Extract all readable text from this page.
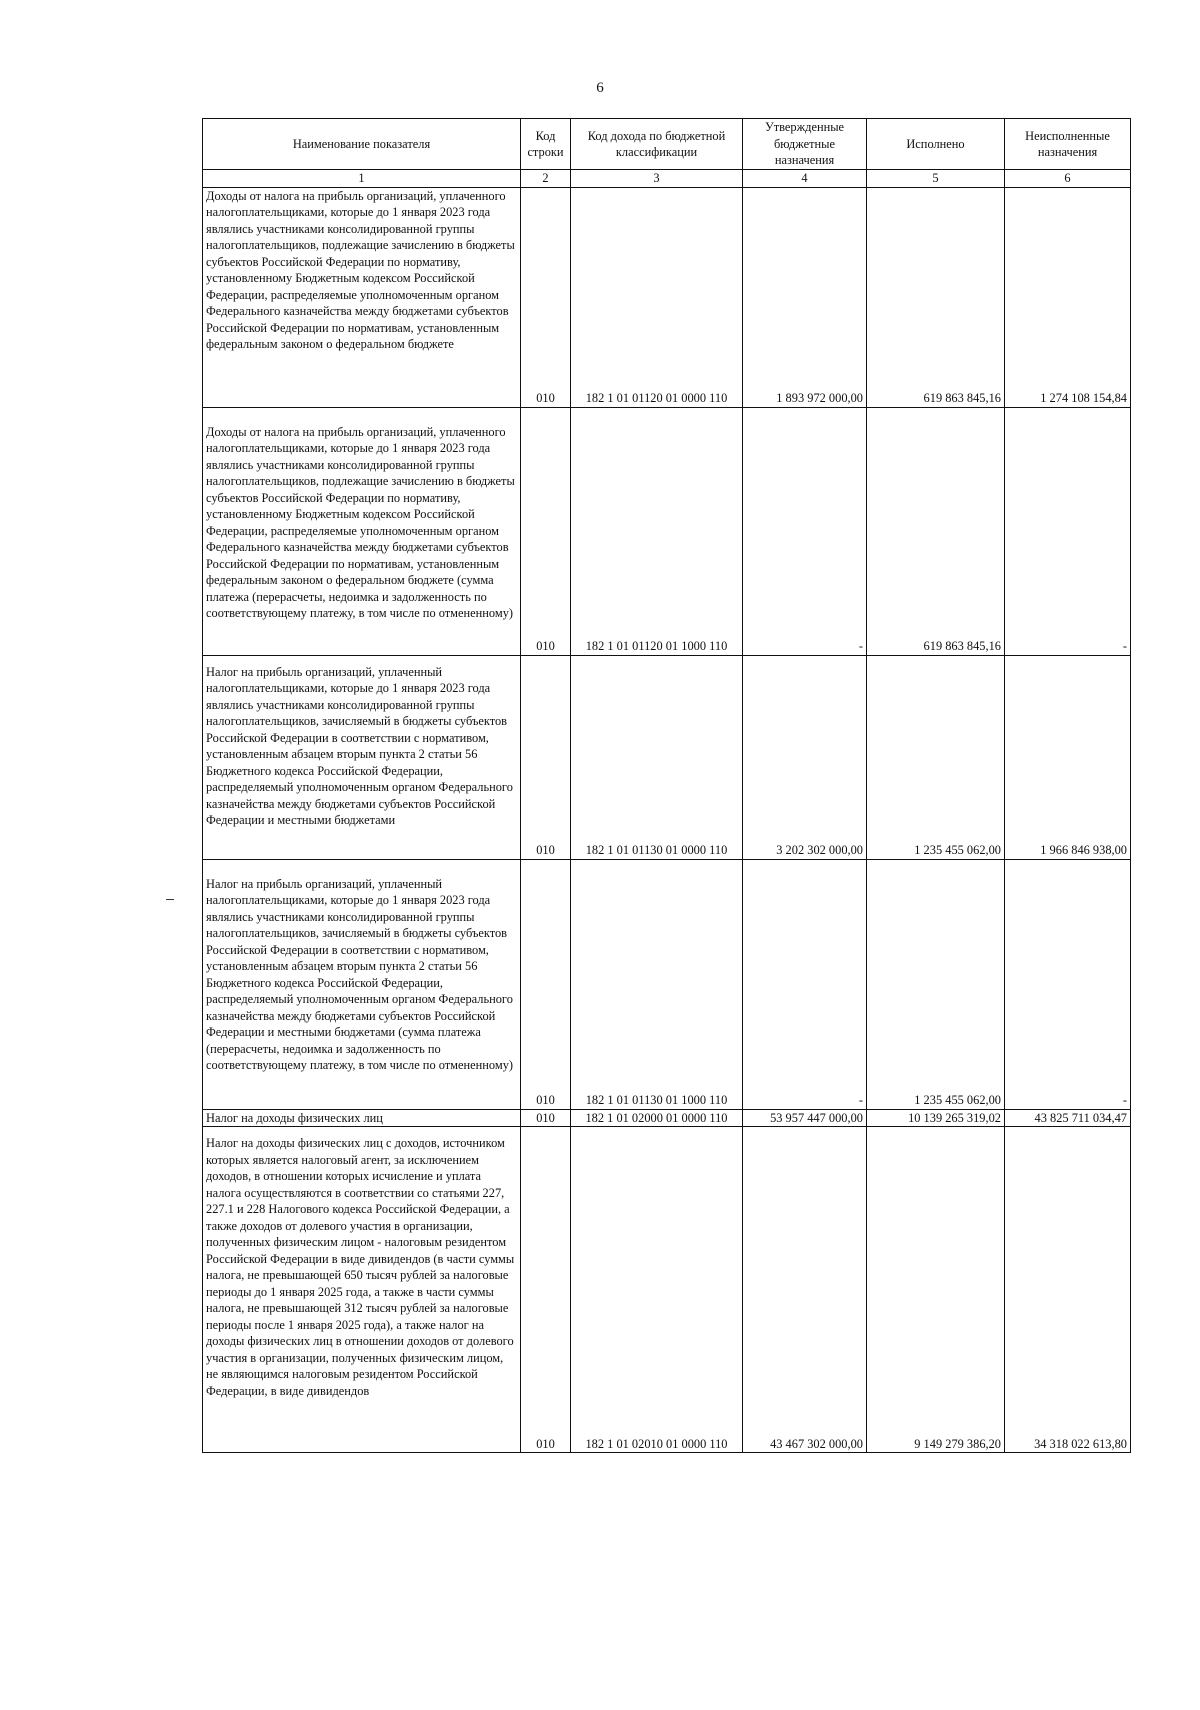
6
Наименование показателя	Код строки	Код дохода по бюджетной классификации	Утвержденные бюджетные назначения	Исполнено	Неисполненные назначения
1	2	3	4	5	6
Доходы от налога на прибыль организаций, уплаченного налогоплательщиками, которые до 1 января 2023 года являлись участниками консолидированной группы налогоплательщиков, подлежащие зачислению в бюджеты субъектов Российской Федерации по нормативу, установленному Бюджетным кодексом Российской Федерации, распределяемые уполномоченным органом Федерального казначейства между бюджетами субъектов Российской Федерации по нормативам, установленным федеральным законом о федеральном бюджете	010	182 1 01 01120 01 0000 110	1 893 972 000,00	619 863 845,16	1 274 108 154,84
Доходы от налога на прибыль организаций, уплаченного налогоплательщиками, которые до 1 января 2023 года являлись участниками консолидированной группы налогоплательщиков, подлежащие зачислению в бюджеты субъектов Российской Федерации по нормативу, установленному Бюджетным кодексом Российской Федерации, распределяемые уполномоченным органом Федерального казначейства между бюджетами субъектов Российской Федерации по нормативам, установленным федеральным законом о федеральном бюджете (сумма платежа (перерасчеты, недоимка и задолженность по соответствующему платежу, в том числе по отмененному)	010	182 1 01 01120 01 1000 110	-	619 863 845,16	-
Налог на прибыль организаций, уплаченный налогоплательщиками, которые до 1 января 2023 года являлись участниками консолидированной группы налогоплательщиков, зачисляемый в бюджеты субъектов Российской Федерации в соответствии с нормативом, установленным абзацем вторым пункта 2 статьи 56 Бюджетного кодекса Российской Федерации, распределяемый уполномоченным органом Федерального казначейства между бюджетами субъектов Российской Федерации и местными бюджетами	010	182 1 01 01130 01 0000 110	3 202 302 000,00	1 235 455 062,00	1 966 846 938,00
Налог на прибыль организаций, уплаченный налогоплательщиками, которые до 1 января 2023 года являлись участниками консолидированной группы налогоплательщиков, зачисляемый в бюджеты субъектов Российской Федерации в соответствии с нормативом, установленным абзацем вторым пункта 2 статьи 56 Бюджетного кодекса Российской Федерации, распределяемый уполномоченным органом Федерального казначейства между бюджетами субъектов Российской Федерации и местными бюджетами (сумма платежа (перерасчеты, недоимка и задолженность по соответствующему платежу, в том числе по отмененному)	010	182 1 01 01130 01 1000 110	-	1 235 455 062,00	-
Налог на доходы физических лиц	010	182 1 01 02000 01 0000 110	53 957 447 000,00	10 139 265 319,02	43 825 711 034,47
Налог на доходы физических лиц с доходов, источником которых является налоговый агент, за исключением доходов, в отношении которых исчисление и уплата налога осуществляются в соответствии со статьями 227, 227.1 и 228 Налогового кодекса Российской Федерации, а также доходов от долевого участия в организации, полученных физическим лицом - налоговым резидентом Российской Федерации в виде дивидендов (в части суммы налога, не превышающей 650 тысяч рублей за налоговые периоды до 1 января 2025 года, а также в части суммы налога, не превышающей 312 тысяч рублей за налоговые периоды после 1 января 2025 года), а также налог на доходы физических лиц в отношении доходов от долевого участия в организации, полученных физическим лицом, не являющимся налоговым резидентом Российской Федерации, в виде дивидендов	010	182 1 01 02010 01 0000 110	43 467 302 000,00	9 149 279 386,20	34 318 022 613,80
